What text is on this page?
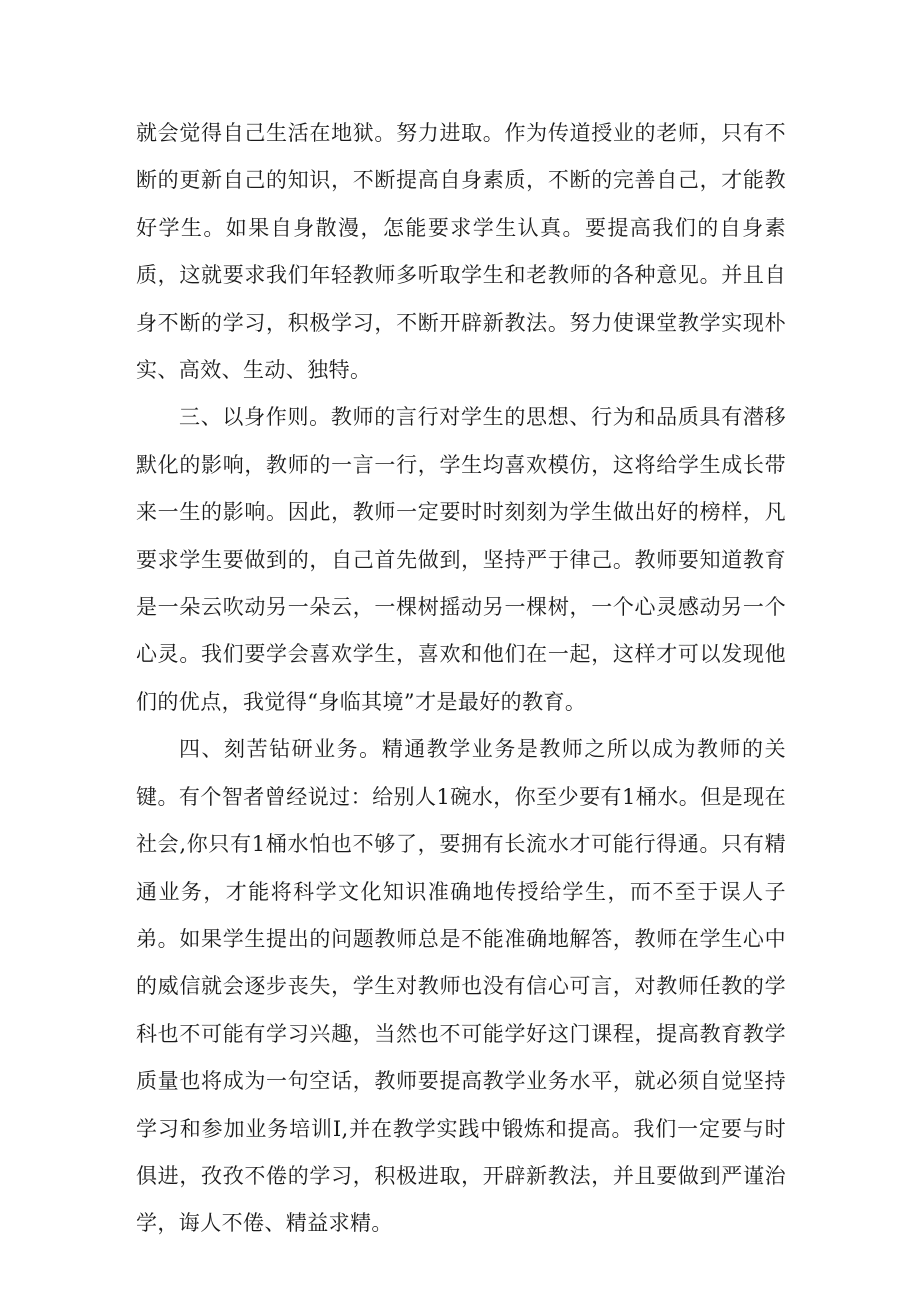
就会觉得自己生活在地狱。努力进取。作为传道授业的老师，只有不断的更新自己的知识，不断提高自身素质，不断的完善自己，才能教好学生。如果自身散漫，怎能要求学生认真。要提高我们的自身素质，这就要求我们年轻教师多听取学生和老教师的各种意见。并且自身不断的学习，积极学习，不断开辟新教法。努力使课堂教学实现朴实、高效、生动、独特。

三、以身作则。教师的言行对学生的思想、行为和品质具有潜移默化的影响，教师的一言一行，学生均喜欢模仿，这将给学生成长带来一生的影响。因此，教师一定要时时刻刻为学生做出好的榜样，凡要求学生要做到的，自己首先做到，坚持严于律己。教师要知道教育是一朵云吹动另一朵云，一棵树摇动另一棵树，一个心灵感动另一个心灵。我们要学会喜欢学生，喜欢和他们在一起，这样才可以发现他们的优点，我觉得“身临其境”才是最好的教育。

四、刻苦钻研业务。精通教学业务是教师之所以成为教师的关键。有个智者曾经说过：给别人1碗水，你至少要有1桶水。但是现在社会,你只有1桶水怕也不够了，要拥有长流水才可能行得通。只有精通业务，才能将科学文化知识准确地传授给学生，而不至于误人子弟。如果学生提出的问题教师总是不能准确地解答，教师在学生心中的威信就会逐步丧失，学生对教师也没有信心可言，对教师任教的学科也不可能有学习兴趣，当然也不可能学好这门课程，提高教育教学质量也将成为一句空话，教师要提高教学业务水平，就必须自觉坚持学习和参加业务培训I,并在教学实践中锻炼和提高。我们一定要与时俱进，孜孜不倦的学习，积极进取，开辟新教法，并且要做到严谨治学，诲人不倦、精益求精。
